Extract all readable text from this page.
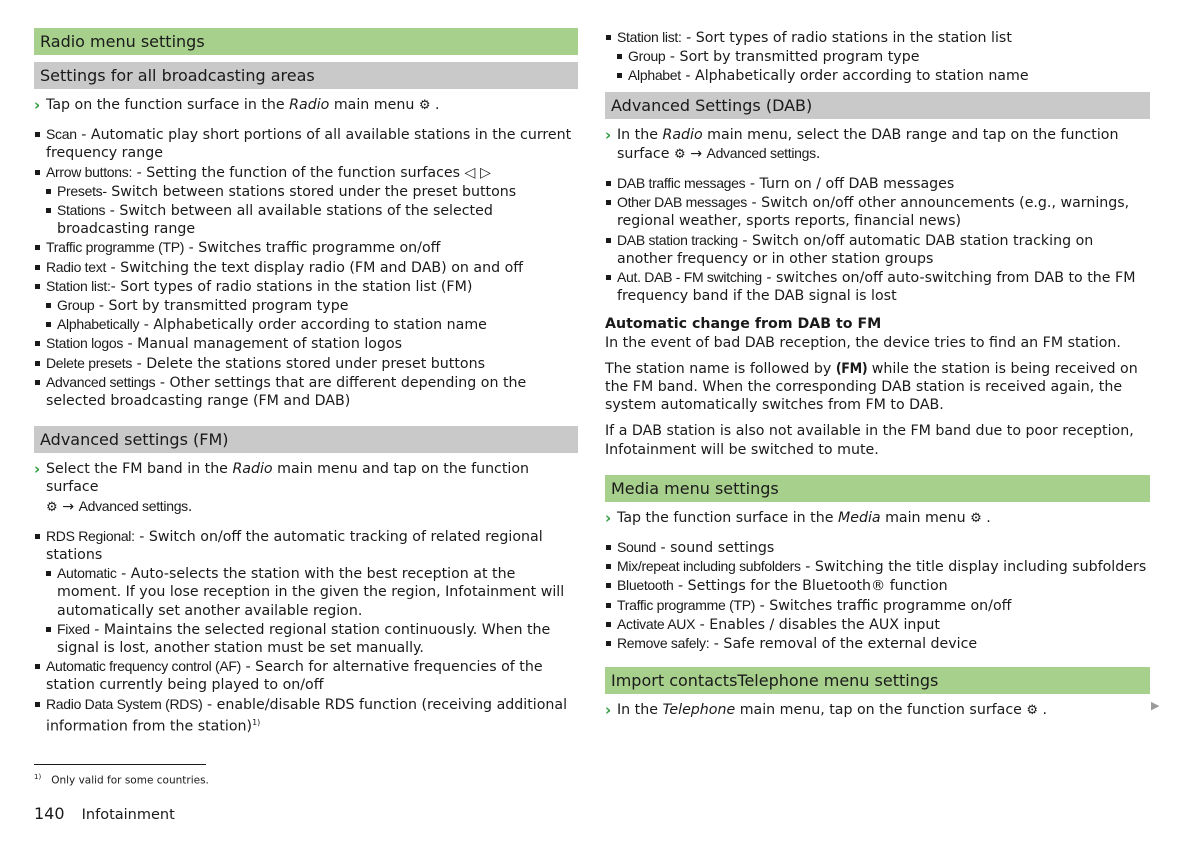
Radio menu settings
Settings for all broadcasting areas

› Tap on the function surface in the Radio main menu ⚙ .

Scan - Automatic play short portions of all available stations in the current frequency range

Arrow buttons: - Setting the function of the function surfaces ◁ ▷

Presets- Switch between stations stored under the preset buttons

Stations - Switch between all available stations of the selected broadcasting range

Traffic programme (TP) - Switches traffic programme on/off

Radio text - Switching the text display radio (FM and DAB) on and off

Station list:- Sort types of radio stations in the station list (FM)

Group - Sort by transmitted program type

Alphabetically - Alphabetically order according to station name

Station logos - Manual management of station logos

Delete presets - Delete the stations stored under preset buttons

Advanced settings - Other settings that are different depending on the selected broadcasting range (FM and DAB)

Advanced settings (FM)

› Select the FM band in the Radio main menu and tap on the function surface
⚙ → Advanced settings.

RDS Regional: - Switch on/off the automatic tracking of related regional stations

Automatic - Auto-selects the station with the best reception at the moment. If you lose reception in the given the region, Infotainment will automatically set another available region.

Fixed - Maintains the selected regional station continuously. When the signal is lost, another station must be set manually.

Automatic frequency control (AF) - Search for alternative frequencies of the station currently being played to on/off

Radio Data System (RDS) - enable/disable RDS function (receiving additional information from the station)$^{1)}$

Station list: - Sort types of radio stations in the station list

Group - Sort by transmitted program type

Alphabet - Alphabetically order according to station name

Advanced Settings (DAB)

› In the Radio main menu, select the DAB range and tap on the function surface ⚙ → Advanced settings.

DAB traffic messages - Turn on / off DAB messages

Other DAB messages - Switch on/off other announcements (e.g., warnings, regional weather, sports reports, financial news)

DAB station tracking - Switch on/off automatic DAB station tracking on another frequency or in other station groups

Aut. DAB - FM switching - switches on/off auto-switching from DAB to the FM frequency band if the DAB signal is lost

Automatic change from DAB to FM

In the event of bad DAB reception, the device tries to find an FM station.

The station name is followed by (FM) while the station is being received on the FM band. When the corresponding DAB station is received again, the system automatically switches from FM to DAB.

If a DAB station is also not available in the FM band due to poor reception, Infotainment will be switched to mute.

Media menu settings

› Tap the function surface in the Media main menu ⚙ .

Sound - sound settings

Mix/repeat including subfolders - Switching the title display including subfolders

Bluetooth - Settings for the Bluetooth® function

Traffic programme (TP) - Switches traffic programme on/off

Activate AUX - Enables / disables the AUX input

Remove safely: - Safe removal of the external device

Import contactsTelephone menu settings

› In the Telephone main menu, tap on the function surface ⚙ .	▶
$^{1)}$ Only valid for some countries.
140 Infotainment
